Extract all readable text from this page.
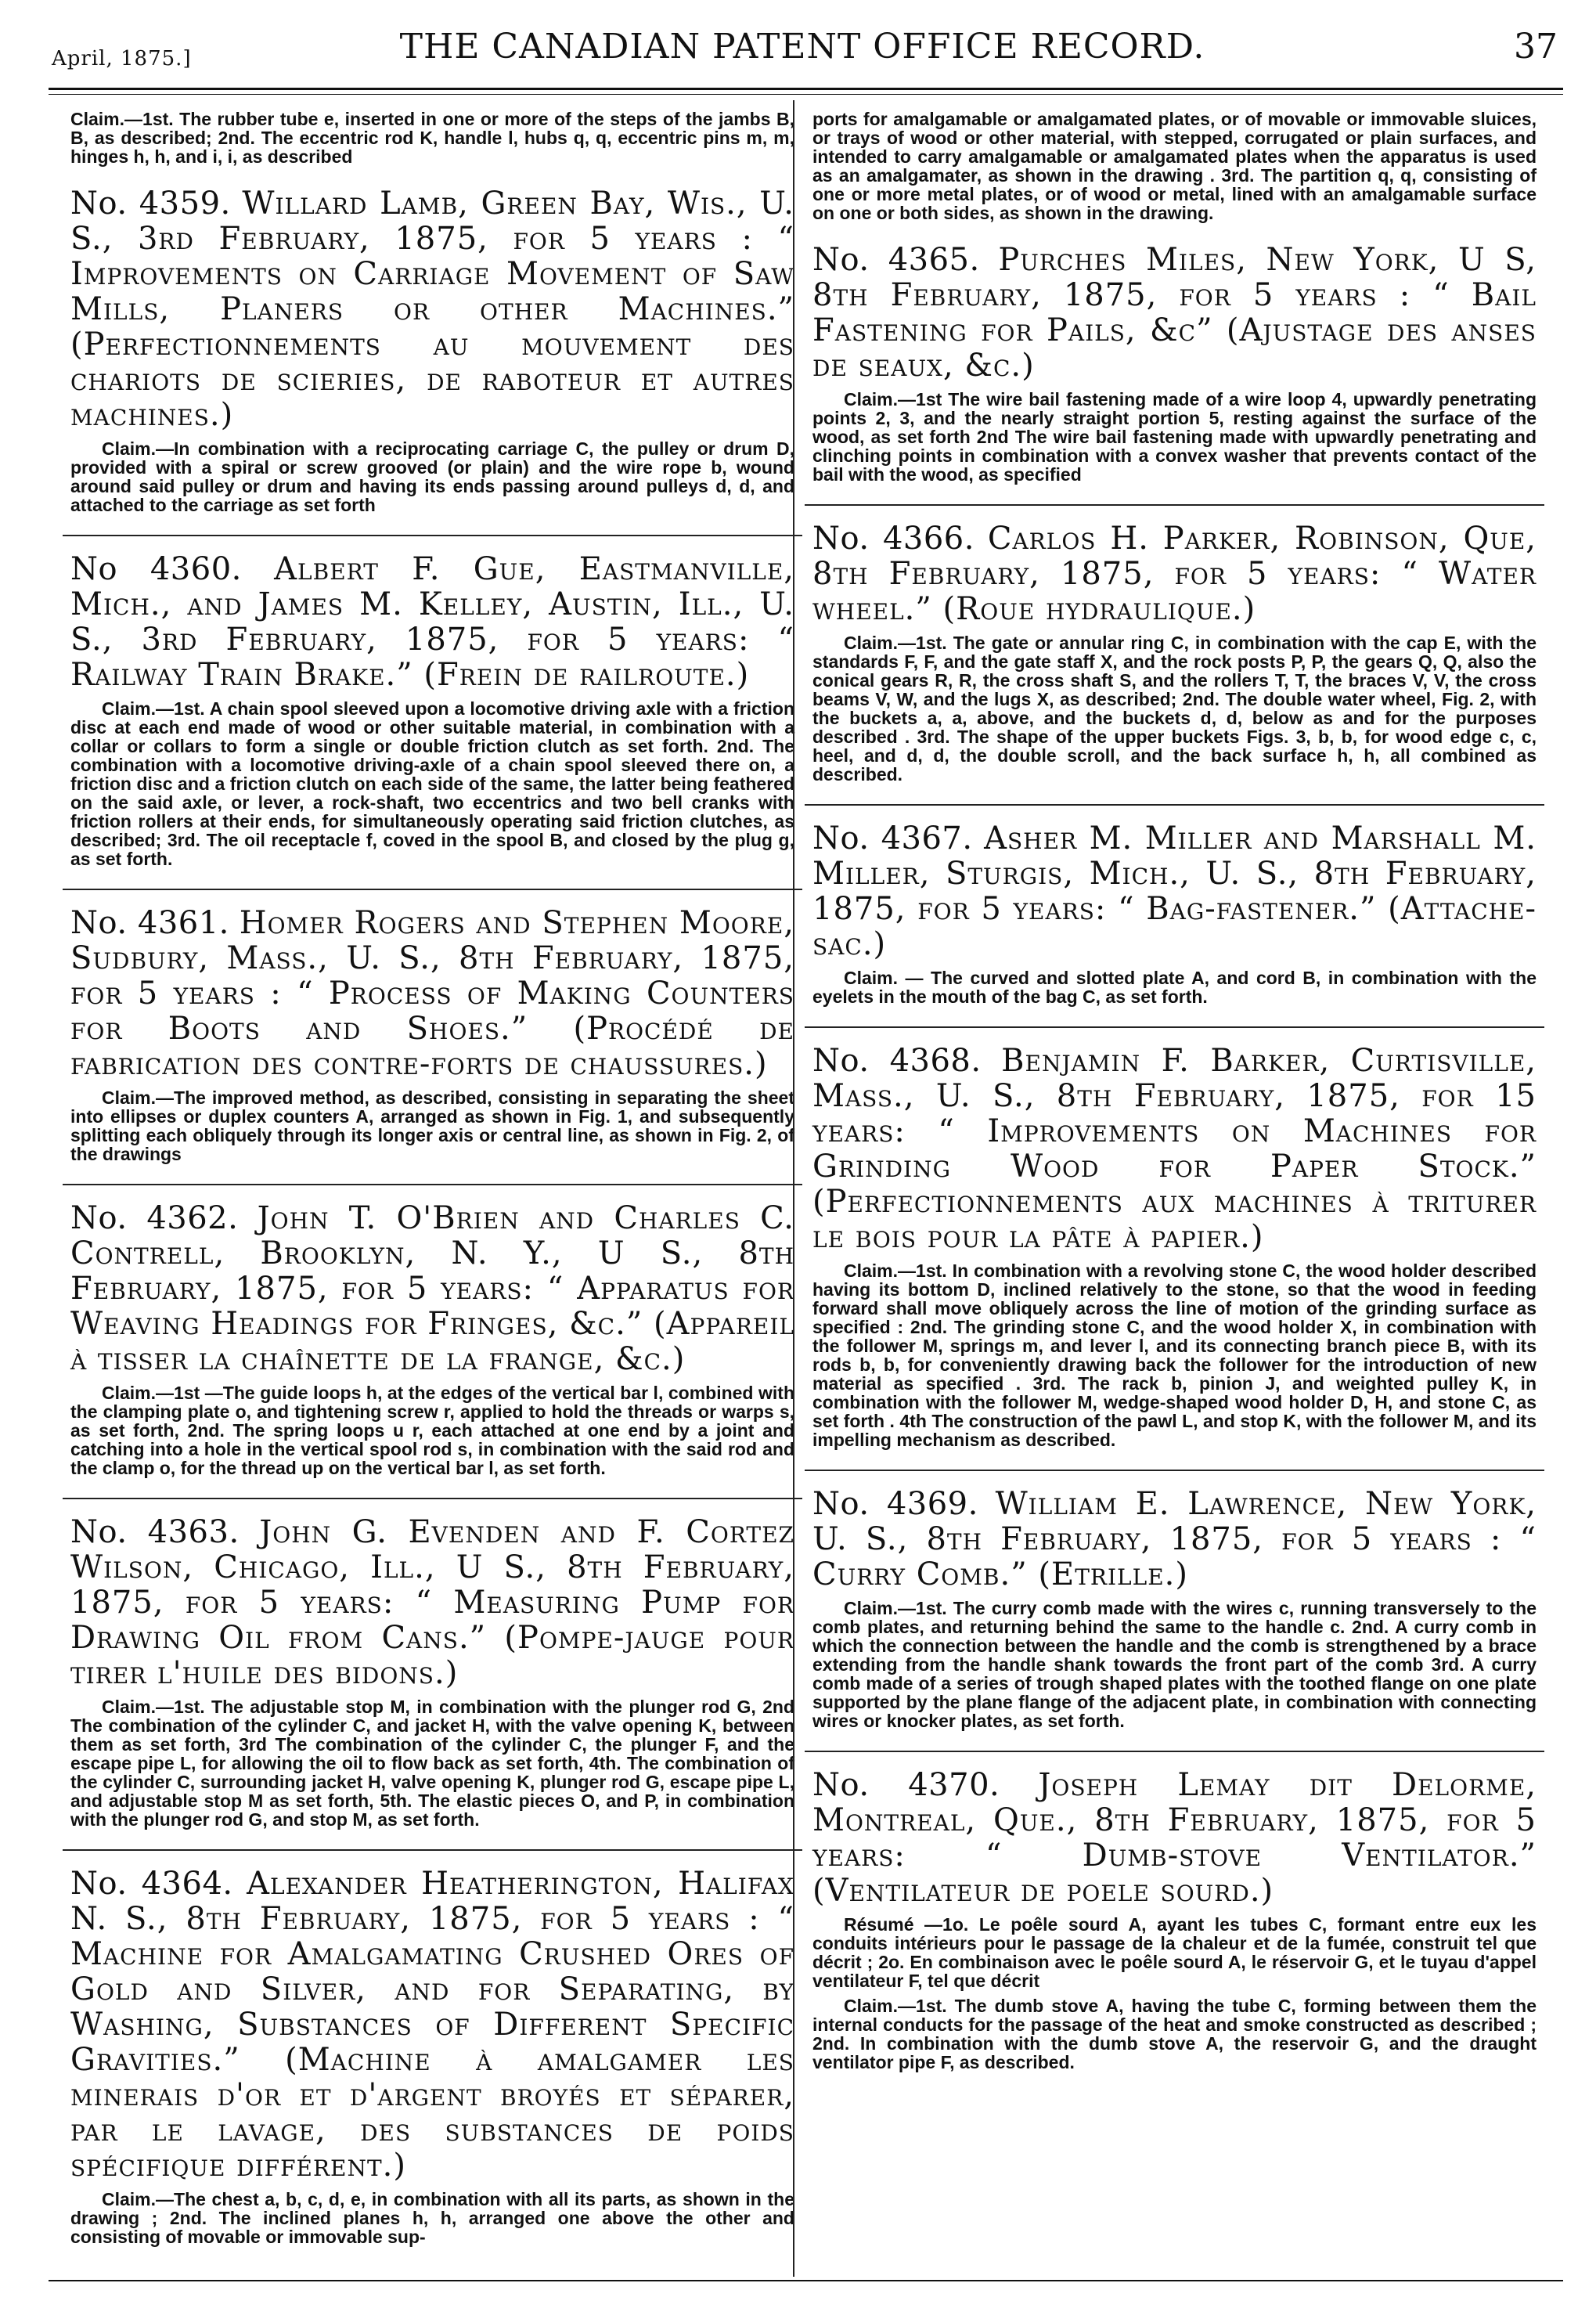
April, 1875.]	THE CANADIAN PATENT OFFICE RECORD.	37

Claim.—1st. The rubber tube e, inserted in one or more of the steps of the jambs B, B, as described; 2nd. The eccentric rod K, handle l, hubs q, q, eccentric pins m, m, hinges h, h, and i, i, as described

No. 4359. Willard Lamb, Green Bay, Wis., U. S., 3rd February, 1875, for 5 years : “ Improvements on Carriage Movement of Saw Mills, Planers or other Machines.” (Perfectionnements au mouvement des chariots de scieries, de raboteur et autres machines.)

Claim.—In combination with a reciprocating carriage C, the pulley or drum D, provided with a spiral or screw grooved (or plain) and the wire rope b, wound around said pulley or drum and having its ends passing around pulleys d, d, and attached to the carriage as set forth

No 4360. Albert F. Gue, Eastmanville, Mich., and James M. Kelley, Austin, Ill., U. S., 3rd February, 1875, for 5 years: “ Railway Train Brake.” (Frein de railroute.)

Claim.—1st. A chain spool sleeved upon a locomotive driving axle with a friction disc at each end made of wood or other suitable material, in combination with a collar or collars to form a single or double friction clutch as set forth. 2nd. The combination with a locomotive driving-axle of a chain spool sleeved there on, a friction disc and a friction clutch on each side of the same, the latter being feathered on the said axle, or lever, a rock-shaft, two eccentrics and two bell cranks with friction rollers at their ends, for simultaneously operating said friction clutches, as described; 3rd. The oil receptacle f, coved in the spool B, and closed by the plug g, as set forth.

No. 4361. Homer Rogers and Stephen Moore, Sudbury, Mass., U. S., 8th February, 1875, for 5 years : “ Process of Making Counters for Boots and Shoes.” (Procédé de fabrication des contre-forts de chaussures.)

Claim.—The improved method, as described, consisting in separating the sheet into ellipses or duplex counters A, arranged as shown in Fig. 1, and subsequently splitting each obliquely through its longer axis or central line, as shown in Fig. 2, of the drawings

No. 4362. John T. O'Brien and Charles C. Contrell, Brooklyn, N. Y., U S., 8th February, 1875, for 5 years: “ Apparatus for Weaving Headings for Fringes, &c.” (Appareil à tisser la chaînette de la frange, &c.)

Claim.—1st —The guide loops h, at the edges of the vertical bar l, combined with the clamping plate o, and tightening screw r, applied to hold the threads or warps s, as set forth, 2nd. The spring loops u r, each attached at one end by a joint and catching into a hole in the vertical spool rod s, in combination with the said rod and the clamp o, for the thread up on the vertical bar l, as set forth.

No. 4363. John G. Evenden and F. Cortez Wilson, Chicago, Ill., U S., 8th February, 1875, for 5 years: “ Measuring Pump for Drawing Oil from Cans.” (Pompe-jauge pour tirer l'huile des bidons.)

Claim.—1st. The adjustable stop M, in combination with the plunger rod G, 2nd The combination of the cylinder C, and jacket H, with the valve opening K, between them as set forth, 3rd The combination of the cylinder C, the plunger F, and the escape pipe L, for allowing the oil to flow back as set forth, 4th. The combination of the cylinder C, surrounding jacket H, valve opening K, plunger rod G, escape pipe L, and adjustable stop M as set forth, 5th. The elastic pieces O, and P, in combination with the plunger rod G, and stop M, as set forth.

No. 4364. Alexander Heatherington, Halifax N. S., 8th February, 1875, for 5 years : “ Machine for Amalgamating Crushed Ores of Gold and Silver, and for Separating, by Washing, Substances of Different Specific Gravities.” (Machine à amalgamer les minerais d'or et d'argent broyés et séparer, par le lavage, des substances de poids spécifique différent.)

Claim.—The chest a, b, c, d, e, in combination with all its parts, as shown in the drawing ; 2nd. The inclined planes h, h, arranged one above the other and consisting of movable or immovable sup-

ports for amalgamable or amalgamated plates, or of movable or immovable sluices, or trays of wood or other material, with stepped, corrugated or plain surfaces, and intended to carry amalgamable or amalgamated plates when the apparatus is used as an amalgamater, as shown in the drawing . 3rd. The partition q, q, consisting of one or more metal plates, or of wood or metal, lined with an amalgamable surface on one or both sides, as shown in the drawing.

No. 4365. Purches Miles, New York, U S, 8th February, 1875, for 5 years : “ Bail Fastening for Pails, &c” (Ajustage des anses de seaux, &c.)

Claim.—1st The wire bail fastening made of a wire loop 4, upwardly penetrating points 2, 3, and the nearly straight portion 5, resting against the surface of the wood, as set forth 2nd The wire bail fastening made with upwardly penetrating and clinching points in combination with a convex washer that prevents contact of the bail with the wood, as specified

No. 4366. Carlos H. Parker, Robinson, Que, 8th February, 1875, for 5 years: “ Water wheel.” (Roue hydraulique.)

Claim.—1st. The gate or annular ring C, in combination with the cap E, with the standards F, F, and the gate staff X, and the rock posts P, P, the gears Q, Q, also the conical gears R, R, the cross shaft S, and the rollers T, T, the braces V, V, the cross beams V, W, and the lugs X, as described; 2nd. The double water wheel, Fig. 2, with the buckets a, a, above, and the buckets d, d, below as and for the purposes described . 3rd. The shape of the upper buckets Figs. 3, b, b, for wood edge c, c, heel, and d, d, the double scroll, and the back surface h, h, all combined as described.

No. 4367. Asher M. Miller and Marshall M. Miller, Sturgis, Mich., U. S., 8th February, 1875, for 5 years: “ Bag-fastener.” (Attache-sac.)

Claim. — The curved and slotted plate A, and cord B, in combination with the eyelets in the mouth of the bag C, as set forth.

No. 4368. Benjamin F. Barker, Curtisville, Mass., U. S., 8th February, 1875, for 15 years: “ Improvements on Machines for Grinding Wood for Paper Stock.” (Perfectionnements aux machines à triturer le bois pour la pâte à papier.)

Claim.—1st. In combination with a revolving stone C, the wood holder described having its bottom D, inclined relatively to the stone, so that the wood in feeding forward shall move obliquely across the line of motion of the grinding surface as specified : 2nd. The grinding stone C, and the wood holder X, in combination with the follower M, springs m, and lever l, and its connecting branch piece B, with its rods b, b, for conveniently drawing back the follower for the introduction of new material as specified . 3rd. The rack b, pinion J, and weighted pulley K, in combination with the follower M, wedge-shaped wood holder D, H, and stone C, as set forth . 4th The construction of the pawl L, and stop K, with the follower M, and its impelling mechanism as described.

No. 4369. William E. Lawrence, New York, U. S., 8th February, 1875, for 5 years : “ Curry Comb.” (Etrille.)

Claim.—1st. The curry comb made with the wires c, running transversely to the comb plates, and returning behind the same to the handle c. 2nd. A curry comb in which the connection between the handle and the comb is strengthened by a brace extending from the handle shank towards the front part of the comb 3rd. A curry comb made of a series of trough shaped plates with the toothed flange on one plate supported by the plane flange of the adjacent plate, in combination with connecting wires or knocker plates, as set forth.

No. 4370. Joseph Lemay dit Delorme, Montreal, Que., 8th February, 1875, for 5 years: “ Dumb-stove Ventilator.” (Ventilateur de poele sourd.)

Résumé —1o. Le poêle sourd A, ayant les tubes C, formant entre eux les conduits intérieurs pour le passage de la chaleur et de la fumée, construit tel que décrit ; 2o. En combinaison avec le poêle sourd A, le réservoir G, et le tuyau d'appel ventilateur F, tel que décrit

Claim.—1st. The dumb stove A, having the tube C, forming between them the internal conducts for the passage of the heat and smoke constructed as described ; 2nd. In combination with the dumb stove A, the reservoir G, and the draught ventilator pipe F, as described.
